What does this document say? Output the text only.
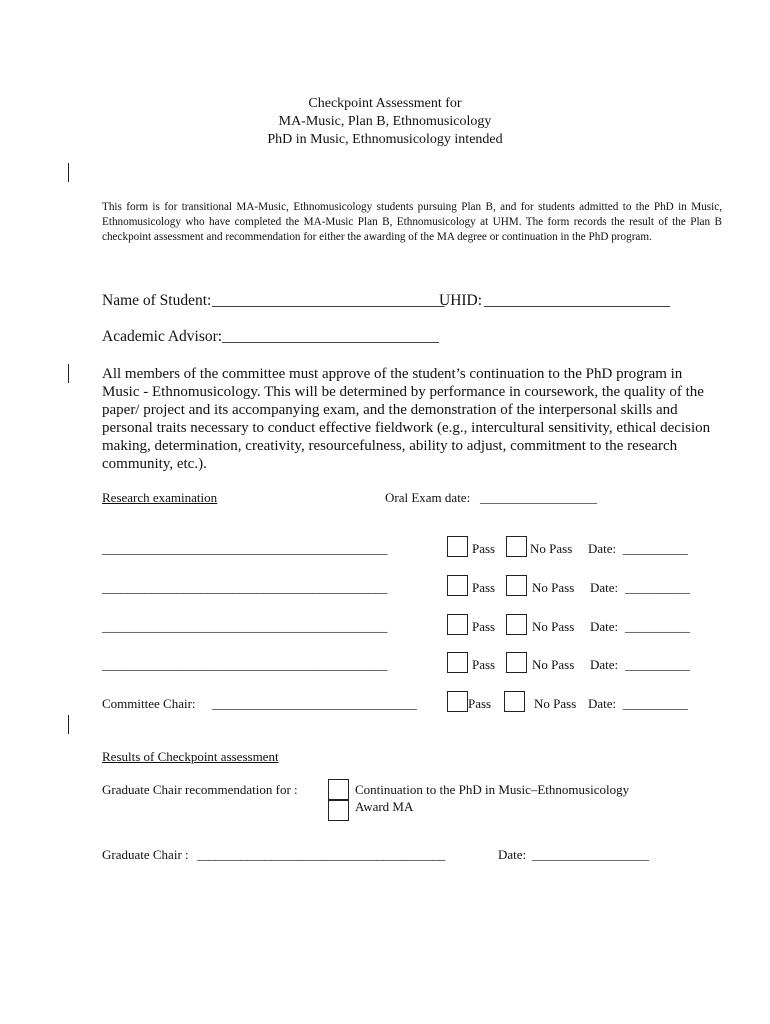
Checkpoint Assessment for
MA-Music, Plan B, Ethnomusicology
PhD in Music, Ethnomusicology intended
This form is for transitional MA-Music, Ethnomusicology students pursuing Plan B, and for students admitted to the PhD in Music, Ethnomusicology who have completed the MA-Music Plan B, Ethnomusicology at UHM. The form records the result of the Plan B checkpoint assessment and recommendation for either the awarding of the MA degree or continuation in the PhD program.
Name of Student: ______________________________
UHID: ________________________
Academic Advisor: ____________________________
All members of the committee must approve of the student’s continuation to the PhD program in Music - Ethnomusicology. This will be determined by performance in coursework, the quality of the paper/ project and its accompanying exam, and the demonstration of the interpersonal skills and personal traits necessary to conduct effective fieldwork (e.g., intercultural sensitivity, ethical decision making, determination, creativity, resourcefulness, ability to adjust, commitment to the research community, etc.).
Research examination	Oral Exam date: __________________
______________________________________________	Pass	No Pass Date: __________
______________________________________________	Pass	No Pass Date: __________
______________________________________________	Pass	No Pass Date: __________
______________________________________________	Pass	No Pass Date: __________
Committee Chair: _________________________________	Pass	No Pass Date: __________
Results of Checkpoint assessment
Graduate Chair recommendation for :	Continuation to the PhD in Music–Ethnomusicology
Award MA
Graduate Chair : ________________________________________	Date: __________________
